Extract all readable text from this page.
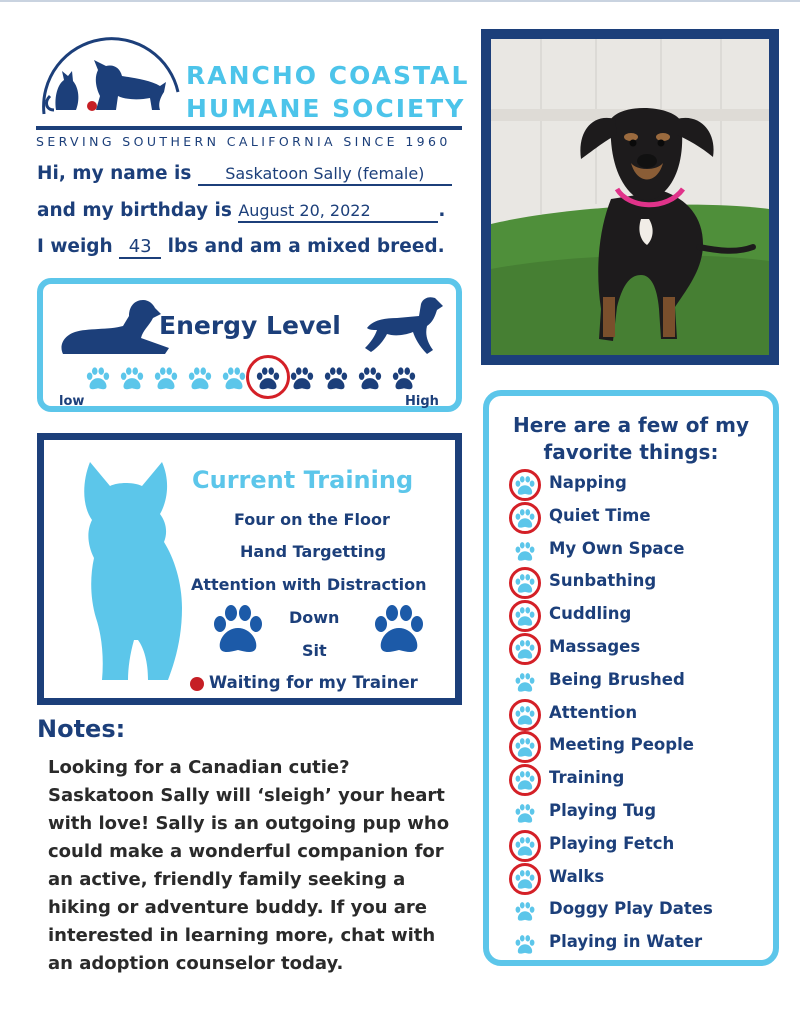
RANCHO COASTAL
HUMANE SOCIETY
SERVING SOUTHERN CALIFORNIA SINCE 1960
Hi, my name is Saskatoon Sally (female)
and my birthday is August 20, 2022	.
I weigh 43 lbs and am a mixed breed.
Energy Level
low	High
Current Training
Four on the Floor
Hand Targetting
Attention with Distraction
Down
Sit
Waiting for my Trainer
Notes:
Looking for a Canadian cutie?
Saskatoon Sally will ‘sleigh’ your heart
with love! Sally is an outgoing pup who
could make a wonderful companion for
an active, friendly family seeking a
hiking or adventure buddy. If you are
interested in learning more, chat with
an adoption counselor today.
Here are a few of my
favorite things:
Napping
Quiet Time
My Own Space
Sunbathing
Cuddling
Massages
Being Brushed
Attention
Meeting People
Training
Playing Tug
Playing Fetch
Walks
Doggy Play Dates
Playing in Water
